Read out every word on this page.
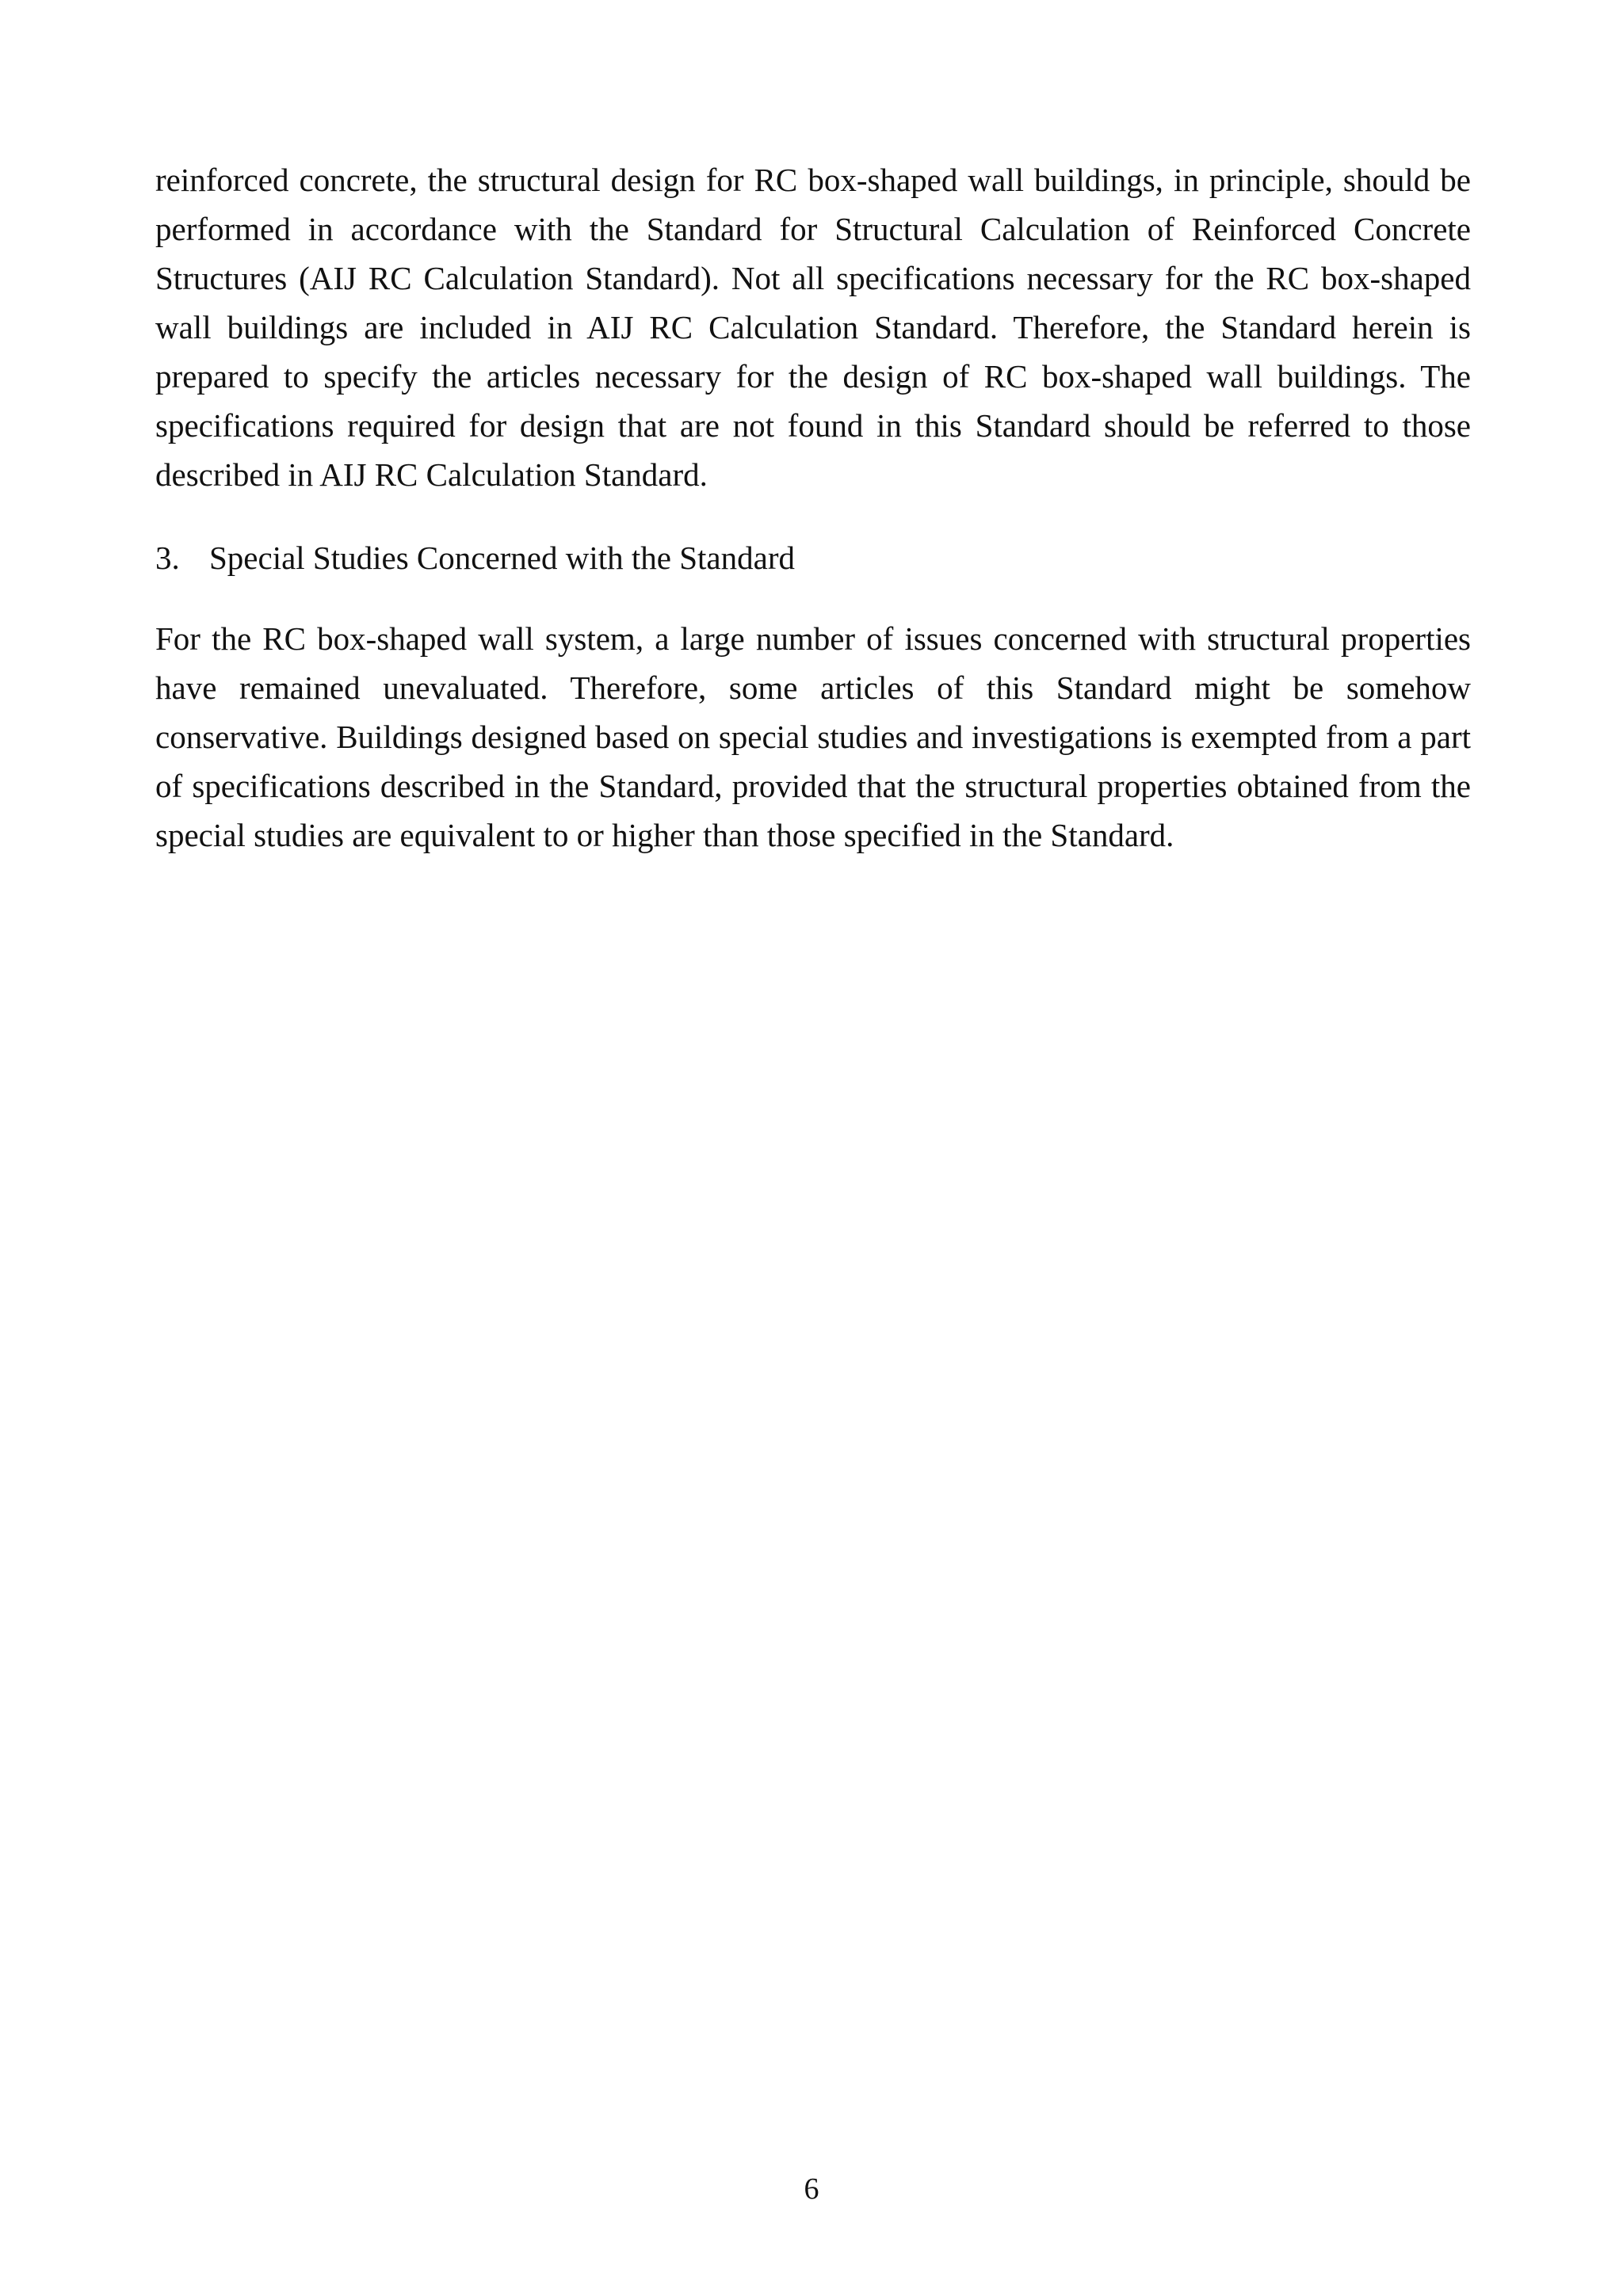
reinforced concrete, the structural design for RC box-shaped wall buildings, in principle, should be performed in accordance with the Standard for Structural Calculation of Reinforced Concrete Structures (AIJ RC Calculation Standard). Not all specifications necessary for the RC box-shaped wall buildings are included in AIJ RC Calculation Standard. Therefore, the Standard herein is prepared to specify the articles necessary for the design of RC box-shaped wall buildings. The specifications required for design that are not found in this Standard should be referred to those described in AIJ RC Calculation Standard.

3. Special Studies Concerned with the Standard

For the RC box-shaped wall system, a large number of issues concerned with structural properties have remained unevaluated. Therefore, some articles of this Standard might be somehow conservative. Buildings designed based on special studies and investigations is exempted from a part of specifications described in the Standard, provided that the structural properties obtained from the special studies are equivalent to or higher than those specified in the Standard.

6
